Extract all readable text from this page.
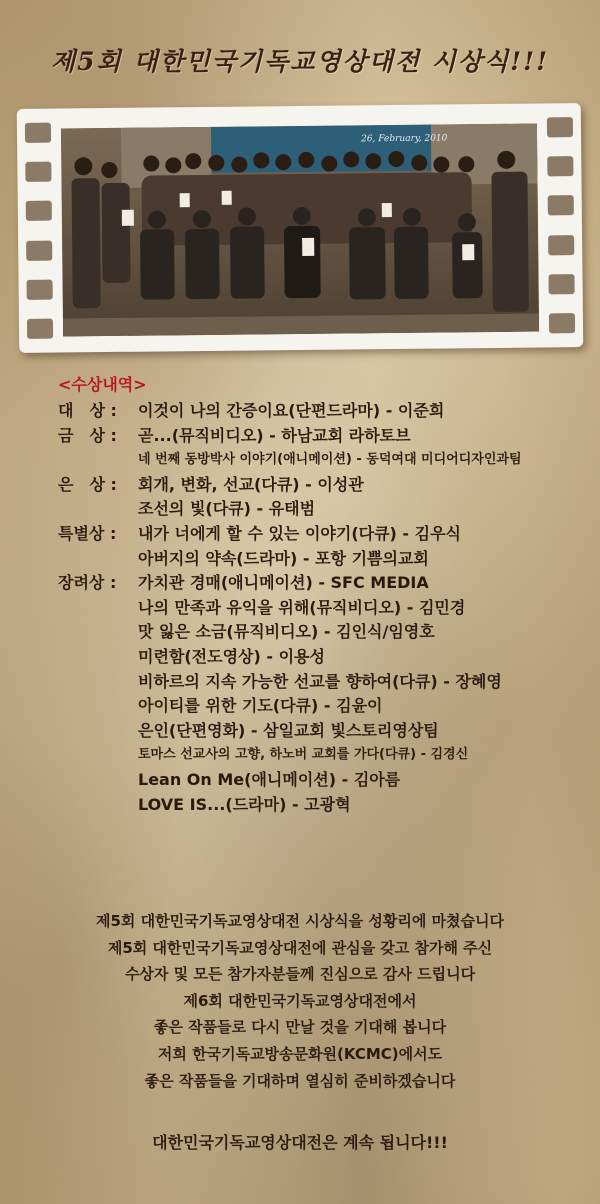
제5회 대한민국기독교영상대전 시상식!!!
26, February, 2010
<수상내역>
대　상 :	이것이 나의 간증이요(단편드라마) - 이준희
금　상 :	곧...(뮤직비디오) - 하남교회 라하토브
네 번째 동방박사 이야기(애니메이션) - 동덕여대 미디어디자인과팀
은　상 :	회개, 변화, 선교(다큐) - 이성관
조선의 빛(다큐) - 유태범
특별상 :	내가 너에게 할 수 있는 이야기(다큐) - 김우식
아버지의 약속(드라마) - 포항 기쁨의교회
장려상 :	가치관 경매(애니메이션) - SFC MEDIA
나의 만족과 유익을 위해(뮤직비디오) - 김민경
맛 잃은 소금(뮤직비디오) - 김인식/임영호
미련함(전도영상) - 이용성
비하르의 지속 가능한 선교를 향하여(다큐) - 장혜영
아이티를 위한 기도(다큐) - 김윤이
은인(단편영화) - 삼일교회 빛스토리영상팀
토마스 선교사의 고향, 하노버 교회를 가다(다큐) - 김경신
Lean On Me(애니메이션) - 김아름
LOVE IS...(드라마) - 고광혁
제5회 대한민국기독교영상대전 시상식을 성황리에 마쳤습니다
제5회 대한민국기독교영상대전에 관심을 갖고 참가해 주신
수상자 및 모든 참가자분들께 진심으로 감사 드립니다
제6회 대한민국기독교영상대전에서
좋은 작품들로 다시 만날 것을 기대해 봅니다
저희 한국기독교방송문화원(KCMC)에서도
좋은 작품들을 기대하며 열심히 준비하겠습니다
대한민국기독교영상대전은 계속 됩니다!!!
